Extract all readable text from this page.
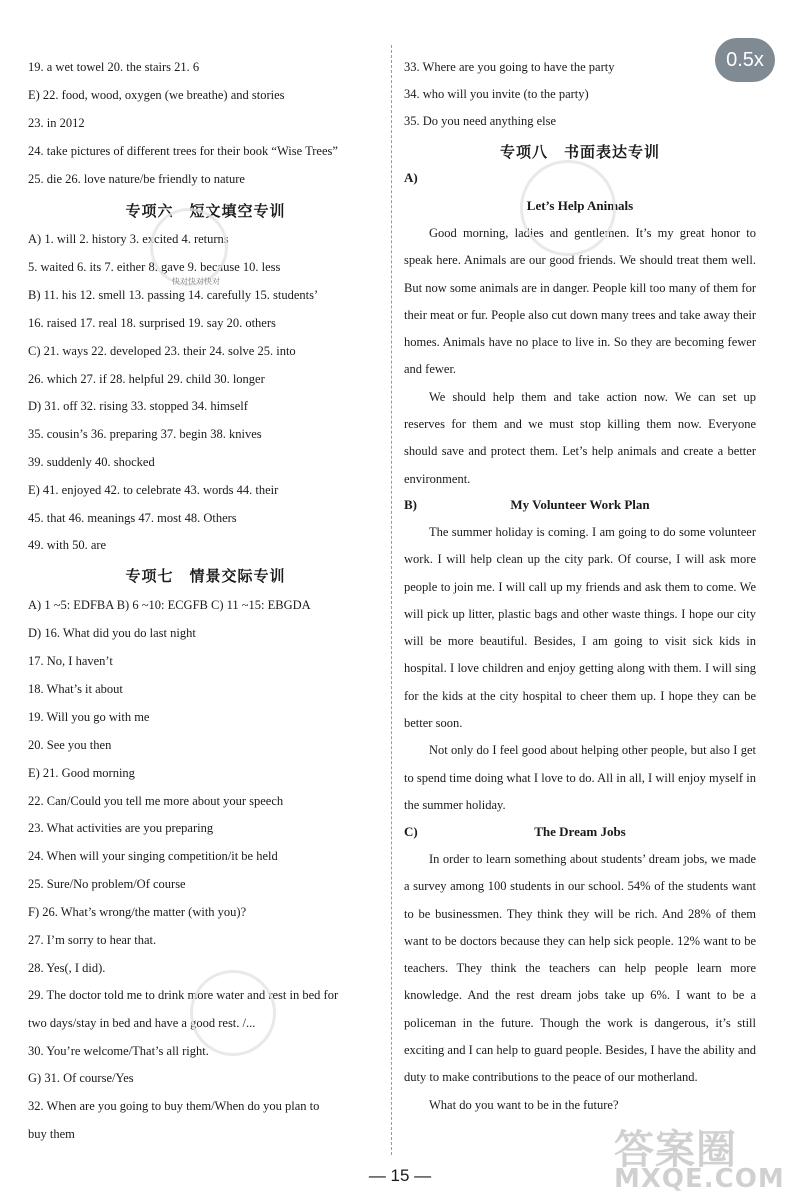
19. a wet towel 20. the stairs 21. 6
E) 22. food, wood, oxygen (we breathe) and stories
23. in 2012
24. take pictures of different trees for their book “Wise Trees”
25. die 26. love nature/be friendly to nature
A) 1. will 2. history 3. excited 4. returns
5. waited 6. its 7. either 8. gave 9. because 10. less
B) 11. his 12. smell 13. passing 14. carefully 15. students’
16. raised 17. real 18. surprised 19. say 20. others
C) 21. ways 22. developed 23. their 24. solve 25. into
26. which 27. if 28. helpful 29. child 30. longer
D) 31. off 32. rising 33. stopped 34. himself
35. cousin’s 36. preparing 37. begin 38. knives
39. suddenly 40. shocked
E) 41. enjoyed 42. to celebrate 43. words 44. their
45. that 46. meanings 47. most 48. Others
49. with 50. are
A) 1 ~5: EDFBA B) 6 ~10: ECGFB C) 11 ~15: EBGDA
D) 16. What did you do last night
17. No, I haven’t
18. What’s it about
19. Will you go with me
20. See you then
E) 21. Good morning
22. Can/Could you tell me more about your speech
23. What activities are you preparing
24. When will your singing competition/it be held
25. Sure/No problem/Of course
F) 26. What’s wrong/the matter (with you)?
27. I’m sorry to hear that.
28. Yes(, I did).
29. The doctor told me to drink more water and rest in bed for
two days/stay in bed and have a good rest. /...
30. You’re welcome/That’s all right.
G) 31. Of course/Yes
32. When are you going to buy them/When do you plan to
buy them
专项六　短文填空专训
专项七　情景交际专训
33. Where are you going to have the party
34. who will you invite (to the party)
35. Do you need anything else
专项八　书面表达专训
A)
Let’s Help Animals

Good morning, ladies and gentlemen. It’s my great honor to speak here. Animals are our good friends. We should treat them well. But now some animals are in danger. People kill too many of them for their meat or fur. People also cut down many trees and take away their homes. Animals have no place to live in. So they are becoming fewer and fewer.

We should help them and take action now. We can set up reserves for them and we must stop killing them now. Everyone should save and protect them. Let’s help animals and create a better environment.

B)	My Volunteer Work Plan

The summer holiday is coming. I am going to do some volunteer work. I will help clean up the city park. Of course, I will ask more people to join me. I will call up my friends and ask them to come. We will pick up litter, plastic bags and other waste things. I hope our city will be more beautiful. Besides, I am going to visit sick kids in hospital. I love children and enjoy getting along with them. I will sing for the kids at the city hospital to cheer them up. I hope they can be better soon.

Not only do I feel good about helping other people, but also I get to spend time doing what I love to do. All in all, I will enjoy myself in the summer holiday.

C)	The Dream Jobs

In order to learn something about students’ dream jobs, we made a survey among 100 students in our school. 54% of the students want to be businessmen. They think they will be rich. And 28% of them want to be doctors because they can help sick people. 12% want to be teachers. They think the teachers can help people learn more knowledge. And the rest dream jobs take up 6%. I want to be a policeman in the future. Though the work is dangerous, it’s still exciting and I can help to guard people. Besides, I have the ability and duty to make contributions to the peace of our motherland.

What do you want to be in the future?

快对快对快对
0.5x
— 15 —
答案圈
MXQE.COM
